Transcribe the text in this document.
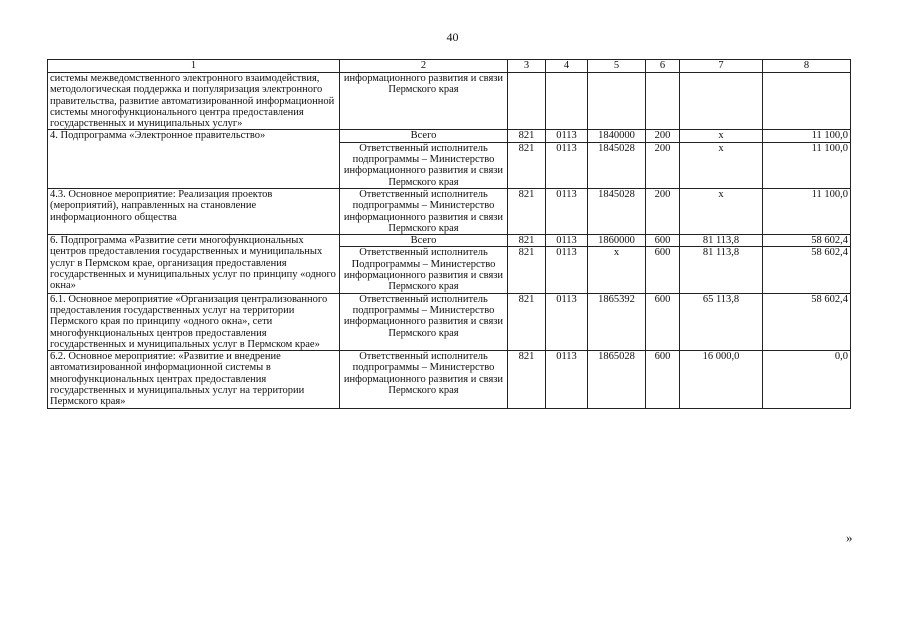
40
1	2	3	4	5	6	7	8
системы межведомственного электронного взаимодействия, методологическая поддержка и популяризация электронного правительства, развитие автоматизированной информационной системы многофункционального центра предоставления государственных и муниципальных услуг»	информационного развития и связи Пермского края						
4. Подпрограмма «Электронное правительство»	Всего	821	0113	1840000	200	х	11 100,0
	Ответственный исполнитель подпрограммы – Министерство информационного развития и связи Пермского края	821	0113	1845028	200	х	11 100,0
4.3. Основное мероприятие: Реализация проектов (мероприятий), направленных на становление информационного общества	Ответственный исполнитель подпрограммы – Министерство информационного развития и связи Пермского края	821	0113	1845028	200	х	11 100,0
6. Подпрограмма «Развитие сети многофункциональных центров предоставления государственных и муниципальных услуг в Пермском крае, организация предоставления государственных и муниципальных услуг по принципу «одного окна»	Всего	821	0113	1860000	600	81 113,8	58 602,4
	Ответственный исполнитель Подпрограммы – Министерство информационного развития и связи Пермского края	821	0113	х	600	81 113,8	58 602,4
6.1. Основное мероприятие «Организация централизованного предоставления государственных услуг на территории Пермского края по принципу «одного окна», сети многофункциональных центров предоставления государственных и муниципальных услуг в Пермском крае»	Ответственный исполнитель подпрограммы – Министерство информационного развития и связи Пермского края	821	0113	1865392	600	65 113,8	58 602,4
6.2. Основное мероприятие: «Развитие и внедрение автоматизированной информационной системы в многофункциональных центрах предоставления государственных и муниципальных услуг на территории Пермского края»	Ответственный исполнитель подпрограммы – Министерство информационного развития и связи Пермского края	821	0113	1865028	600	16 000,0	0,0
»
